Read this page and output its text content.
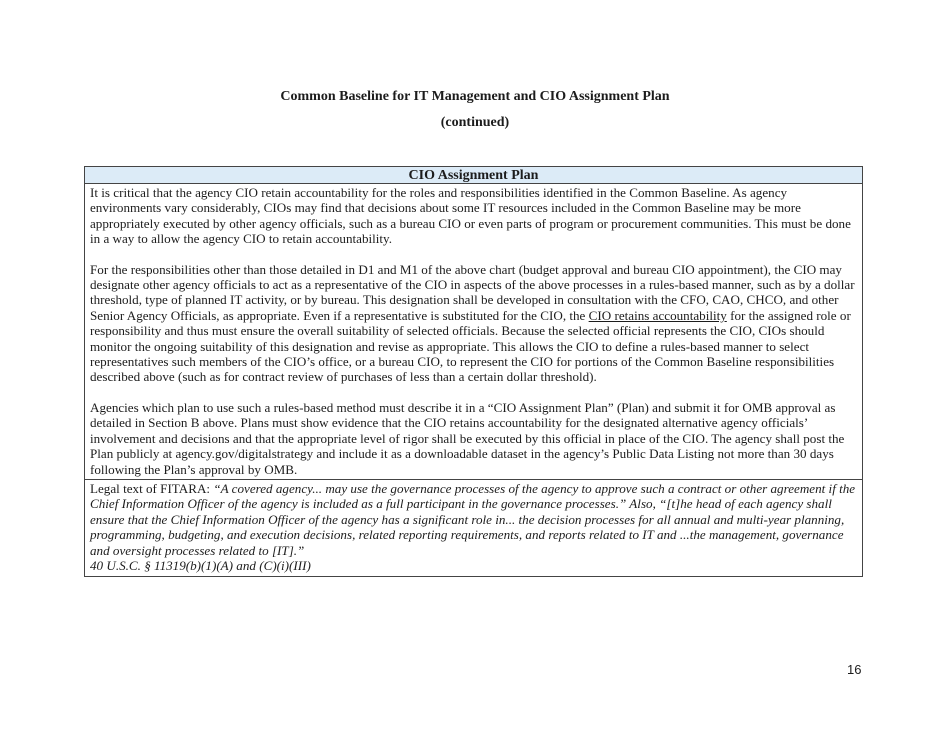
Common Baseline for IT Management and CIO Assignment Plan
(continued)
CIO Assignment Plan

It is critical that the agency CIO retain accountability for the roles and responsibilities identified in the Common Baseline. As agency environments vary considerably, CIOs may find that decisions about some IT resources included in the Common Baseline may be more appropriately executed by other agency officials, such as a bureau CIO or even parts of program or procurement communities. This must be done in a way to allow the agency CIO to retain accountability.

For the responsibilities other than those detailed in D1 and M1 of the above chart (budget approval and bureau CIO appointment), the CIO may designate other agency officials to act as a representative of the CIO in aspects of the above processes in a rules-based manner, such as by a dollar threshold, type of planned IT activity, or by bureau. This designation shall be developed in consultation with the CFO, CAO, CHCO, and other Senior Agency Officials, as appropriate. Even if a representative is substituted for the CIO, the CIO retains accountability for the assigned role or responsibility and thus must ensure the overall suitability of selected officials. Because the selected official represents the CIO, CIOs should monitor the ongoing suitability of this designation and revise as appropriate. This allows the CIO to define a rules-based manner to select representatives such members of the CIO’s office, or a bureau CIO, to represent the CIO for portions of the Common Baseline responsibilities described above (such as for contract review of purchases of less than a certain dollar threshold).

Agencies which plan to use such a rules-based method must describe it in a “CIO Assignment Plan” (Plan) and submit it for OMB approval as detailed in Section B above. Plans must show evidence that the CIO retains accountability for the designated alternative agency officials’ involvement and decisions and that the appropriate level of rigor shall be executed by this official in place of the CIO. The agency shall post the Plan publicly at agency.gov/digitalstrategy and include it as a downloadable dataset in the agency’s Public Data Listing not more than 30 days following the Plan’s approval by OMB.

Legal text of FITARA: “A covered agency... may use the governance processes of the agency to approve such a contract or other agreement if the Chief Information Officer of the agency is included as a full participant in the governance processes.” Also, “[t]he head of each agency shall ensure that the Chief Information Officer of the agency has a significant role in... the decision processes for all annual and multi-year planning, programming, budgeting, and execution decisions, related reporting requirements, and reports related to IT and ...the management, governance and oversight processes related to [IT].”
40 U.S.C. § 11319(b)(1)(A) and (C)(i)(III)
16
